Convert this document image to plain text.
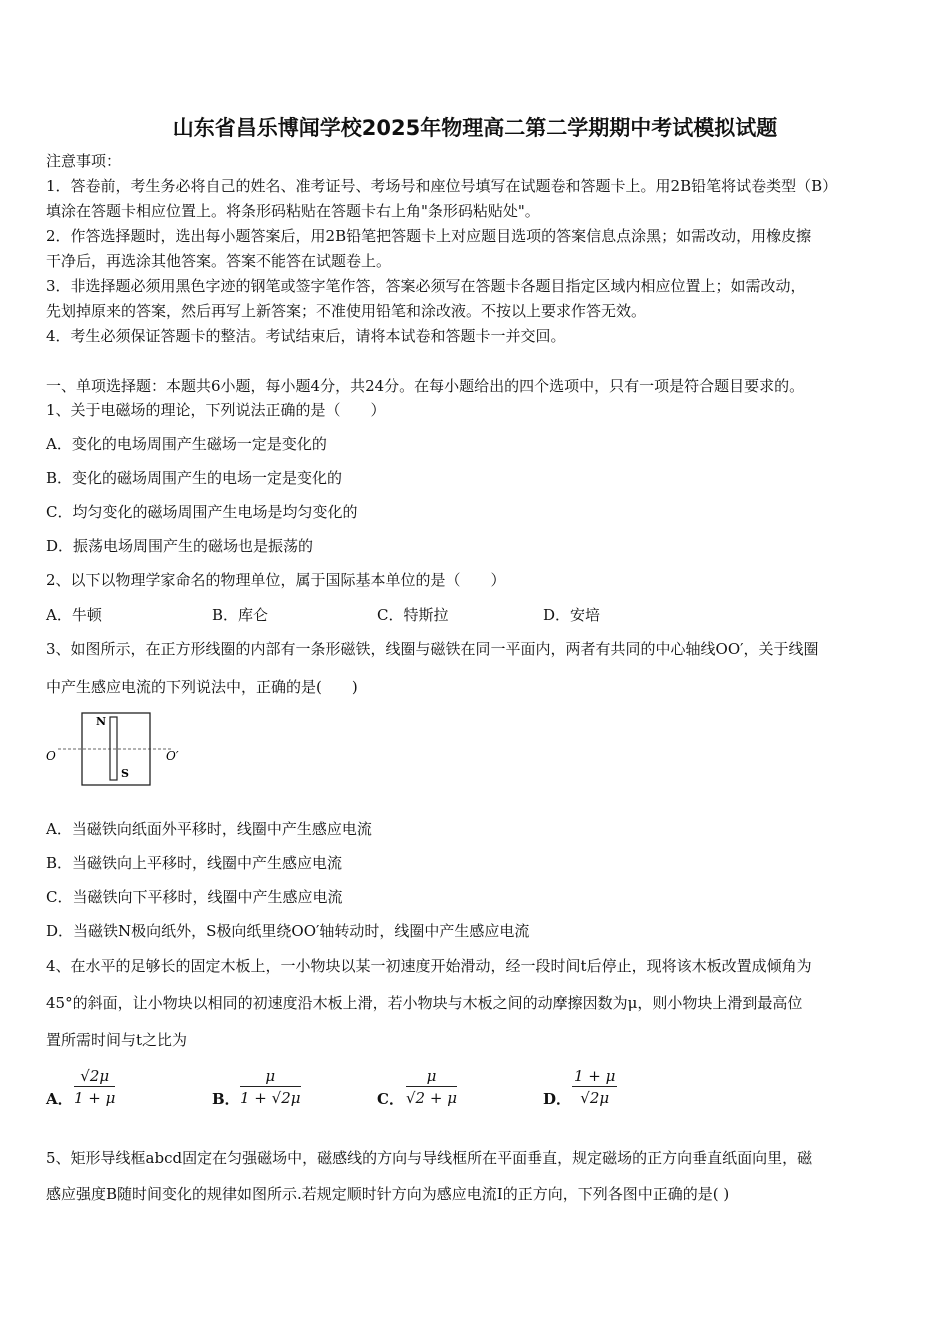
山东省昌乐博闻学校2025年物理高二第二学期期中考试模拟试题
注意事项：
1．答卷前，考生务必将自己的姓名、准考证号、考场号和座位号填写在试题卷和答题卡上。用2B铅笔将试卷类型（B）
填涂在答题卡相应位置上。将条形码粘贴在答题卡右上角"条形码粘贴处"。
2．作答选择题时，选出每小题答案后，用2B铅笔把答题卡上对应题目选项的答案信息点涂黑；如需改动，用橡皮擦
干净后，再选涂其他答案。答案不能答在试题卷上。
3．非选择题必须用黑色字迹的钢笔或签字笔作答，答案必须写在答题卡各题目指定区域内相应位置上；如需改动，
先划掉原来的答案，然后再写上新答案；不准使用铅笔和涂改液。不按以上要求作答无效。
4．考生必须保证答题卡的整洁。考试结束后，请将本试卷和答题卡一并交回。
一、单项选择题：本题共6小题，每小题4分，共24分。在每小题给出的四个选项中，只有一项是符合题目要求的。
1、关于电磁场的理论，下列说法正确的是（　　）
A．变化的电场周围产生磁场一定是变化的
B．变化的磁场周围产生的电场一定是变化的
C．均匀变化的磁场周围产生电场是均匀变化的
D．振荡电场周围产生的磁场也是振荡的
2、以下以物理学家命名的物理单位，属于国际基本单位的是（　　）
A．牛顿	B．库仑	C．特斯拉	D．安培
3、如图所示，在正方形线圈的内部有一条形磁铁，线圈与磁铁在同一平面内，两者有共同的中心轴线OO′，关于线圈
中产生感应电流的下列说法中，正确的是(　　)
N
S
O	O′
A．当磁铁向纸面外平移时，线圈中产生感应电流
B．当磁铁向上平移时，线圈中产生感应电流
C．当磁铁向下平移时，线圈中产生感应电流
D．当磁铁N极向纸外，S极向纸里绕OO′轴转动时，线圈中产生感应电流
4、在水平的足够长的固定木板上，一小物块以某一初速度开始滑动，经一段时间t后停止，现将该木板改置成倾角为
45°的斜面，让小物块以相同的初速度沿木板上滑，若小物块与木板之间的动摩擦因数为μ，则小物块上滑到最高位
置所需时间与t之比为
A． $\frac{√2\mu}{1 + \mu}$	B． $\frac{\mu}{1 + √2\mu}$	C． $\frac{\mu}{√2 + \mu}$	D． $\frac{1 + \mu}{√2\mu}$
5、矩形导线框abcd固定在匀强磁场中，磁感线的方向与导线框所在平面垂直，规定磁场的正方向垂直纸面向里，磁
感应强度B随时间变化的规律如图所示.若规定顺时针方向为感应电流I的正方向，下列各图中正确的是( )
